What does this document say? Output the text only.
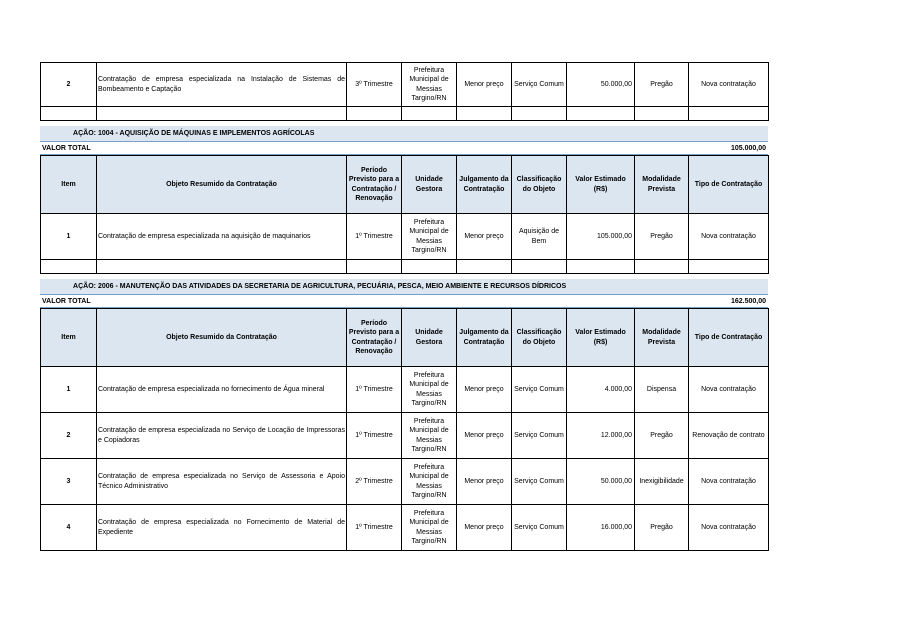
2	Contratação de empresa especializada na Instalação de Sistemas de Bombeamento e Captação	3º Trimestre	Prefeitura Municipal de Messias Targino/RN	Menor preço	Serviço Comum	50.000,00	Pregão	Nova contratação

AÇÃO: 1004 - AQUISIÇÃO DE MÁQUINAS E IMPLEMENTOS AGRÍCOLAS
VALOR TOTAL	105.000,00
Item	Objeto Resumido da Contratação	Período Previsto para a Contratação / Renovação	Unidade Gestora	Julgamento da Contratação	Classificação do Objeto	Valor Estimado (R$)	Modalidade Prevista	Tipo de Contratação
1	Contratação de empresa especializada na aquisição de maquinarios	1º Trimestre	Prefeitura Municipal de Messias Targino/RN	Menor preço	Aquisição de Bem	105.000,00	Pregão	Nova contratação

AÇÃO: 2006 - MANUTENÇÃO DAS ATIVIDADES DA SECRETARIA DE AGRICULTURA, PECUÁRIA, PESCA, MEIO AMBIENTE E RECURSOS DÍDRICOS
VALOR TOTAL	162.500,00
Item	Objeto Resumido da Contratação	Período Previsto para a Contratação / Renovação	Unidade Gestora	Julgamento da Contratação	Classificação do Objeto	Valor Estimado (R$)	Modalidade Prevista	Tipo de Contratação
1	Contratação de empresa especializada no fornecimento de Água mineral	1º Trimestre	Prefeitura Municipal de Messias Targino/RN	Menor preço	Serviço Comum	4.000,00	Dispensa	Nova contratação
2	Contratação de empresa especializada no Serviço de Locação de Impressoras e Copiadoras	1º Trimestre	Prefeitura Municipal de Messias Targino/RN	Menor preço	Serviço Comum	12.000,00	Pregão	Renovação de contrato
3	Contratação de empresa especializada no Serviço de Assessoria e Apoio Técnico Administrativo	2º Trimestre	Prefeitura Municipal de Messias Targino/RN	Menor preço	Serviço Comum	50.000,00	Inexigibilidade	Nova contratação
4	Contratação de empresa especializada no Fornecimento de Material de Expediente	1º Trimestre	Prefeitura Municipal de Messias Targino/RN	Menor preço	Serviço Comum	16.000,00	Pregão	Nova contratação
